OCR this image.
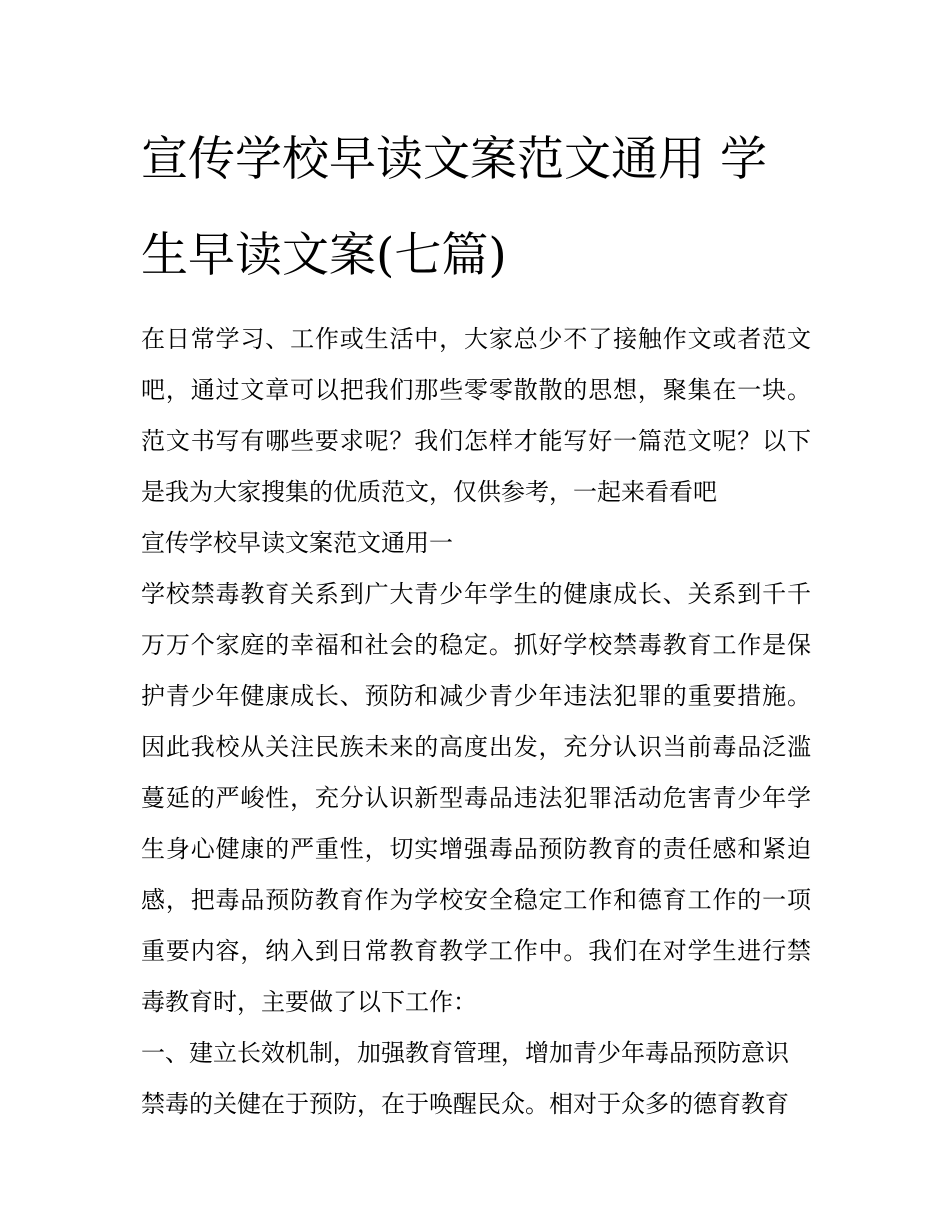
宣传学校早读文案范文通用 学生早读文案(七篇)

在日常学习、工作或生活中，大家总少不了接触作文或者范文吧，通过文章可以把我们那些零零散散的思想，聚集在一块。范文书写有哪些要求呢？我们怎样才能写好一篇范文呢？以下是我为大家搜集的优质范文，仅供参考，一起来看看吧

宣传学校早读文案范文通用一

学校禁毒教育关系到广大青少年学生的健康成长、关系到千千万万个家庭的幸福和社会的稳定。抓好学校禁毒教育工作是保护青少年健康成长、预防和减少青少年违法犯罪的重要措施。因此我校从关注民族未来的高度出发，充分认识当前毒品泛滥蔓延的严峻性，充分认识新型毒品违法犯罪活动危害青少年学生身心健康的严重性，切实增强毒品预防教育的责任感和紧迫感，把毒品预防教育作为学校安全稳定工作和德育工作的一项重要内容，纳入到日常教育教学工作中。我们在对学生进行禁毒教育时，主要做了以下工作：

一、建立长效机制，加强教育管理，增加青少年毒品预防意识

禁毒的关健在于预防，在于唤醒民众。相对于众多的德育教育
